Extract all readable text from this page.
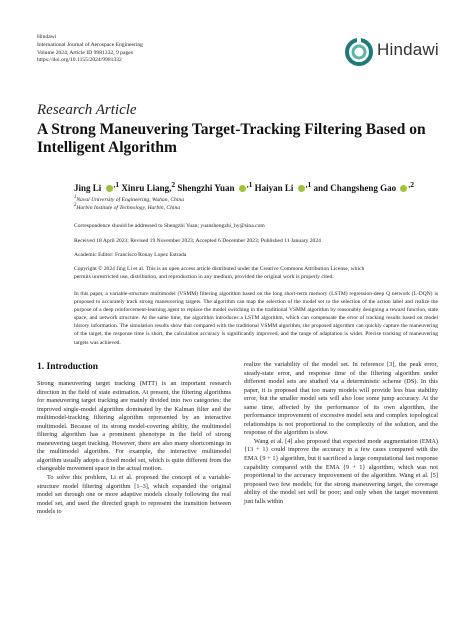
Hindawi
International Journal of Aerospace Engineering
Volume 2024, Article ID 9981332, 9 pages
https://doi.org/10.1155/2024/9981332
Hindawi
Research Article
A Strong Maneuvering Target-Tracking Filtering Based on Intelligent Algorithm
Jing Li $^{,1}$ Xinru Liang,$^2$ Shengzhi Yuan $^{,1}$ Haiyan Li $^{,1}$ and Changsheng Gao $^{,2}$
$^1$Naval University of Engineering, Wuhan, China
$^2$Harbin Institute of Technology, Harbin, China
Correspondence should be addressed to Shengzhi Yuan; yuanshengzhi_hy@sina.com
Received 18 April 2023; Revised 19 November 2023; Accepted 6 December 2023; Published 11 January 2024
Academic Editor: Francisco Ronay Lopez Estrada
Copyright © 2024 Jing Li et al. This is an open access article distributed under the Creative Commons Attribution License, which
permits unrestricted use, distribution, and reproduction in any medium, provided the original work is properly cited.
In this paper, a variable-structure multimodel (VSMM) filtering algorithm based on the long short-term memory (LSTM) regression-deep Q network (L-DQN) is proposed to accurately track strong maneuvering targets. The algorithm can map the selection of the model set to the selection of the action label and realize the purpose of a deep reinforcement-learning agent to replace the model switching in the traditional VSMM algorithm by reasonably designing a reward function, state space, and network structure. At the same time, the algorithm introduces a LSTM algorithm, which can compensate the error of tracking results based on model history information. The simulation results show that compared with the traditional VSMM algorithm, the proposed algorithm can quickly capture the maneuvering of the target, the response time is short, the calculation accuracy is significantly improved, and the range of adaptation is wider. Precise tracking of maneuvering targets was achieved.
1. Introduction

Strong maneuvering target tracking (MTT) is an important research direction in the field of state estimation. At present, the filtering algorithms for maneuvering target tracking are mainly divided into two categories: the improved single-model algorithm dominated by the Kalman filter and the multimodel-tracking filtering algorithm represented by an interactive multimodel. Because of its strong model-covering ability, the multimodel filtering algorithm has a prominent phenotype in the field of strong maneuvering target tracking. However, there are also many shortcomings in the multimodel algorithm. For example, the interactive multimodel algorithm usually adopts a fixed model set, which is quite different from the changeable movement space in the actual motion.

To solve this problem, Li et al. proposed the concept of a variable-structure model filtering algorithm [1–3], which expanded the original model set through one or more adaptive models closely following the real model set, and used the directed graph to represent the transition between models to

realize the variability of the model set. In reference [3], the peak error, steady-state error, and response time of the filtering algorithm under different model sets are studied via a deterministic scheme (DS). In this paper, it is proposed that too many models will provide less bias stability error, but the smaller model sets will also lose some jump accuracy. At the same time, affected by the performance of its own algorithm, the performance improvement of excessive model sets and complex topological relationships is not proportional to the complexity of the solution, and the response of the algorithm is slow.

Wang et al. [4] also proposed that expected mode augmentation (EMA) {13 + 1} could improve the accuracy in a few cases compared with the EMA {9 + 1} algorithm, but it sacrificed a large computational fast response capability compared with the EMA {9 + 1} algorithm, which was not proportional to the accuracy improvement of the algorithm. Wang et al. [5] proposed two few models; for the strong maneuvering target, the coverage ability of the model set will be poor; and only when the target movement just falls within
